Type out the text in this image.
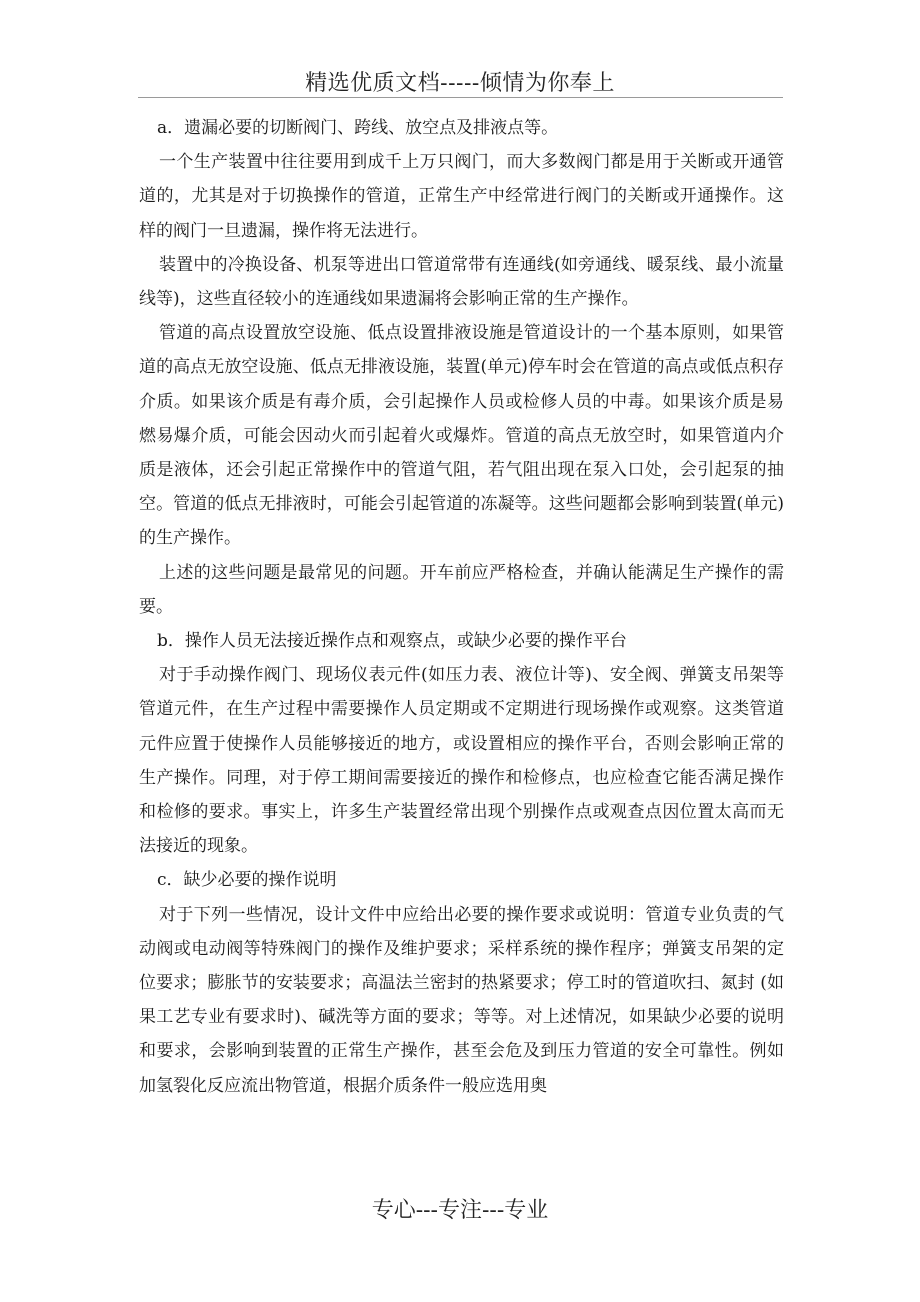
精选优质文档-----倾情为你奉上

a．遗漏必要的切断阀门、跨线、放空点及排液点等。

一个生产装置中往往要用到成千上万只阀门，而大多数阀门都是用于关断或开通管道的，尤其是对于切换操作的管道，正常生产中经常进行阀门的关断或开通操作。这样的阀门一旦遗漏，操作将无法进行。

装置中的冷换设备、机泵等进出口管道常带有连通线(如旁通线、暖泵线、最小流量线等)，这些直径较小的连通线如果遗漏将会影响正常的生产操作。

管道的高点设置放空设施、低点设置排液设施是管道设计的一个基本原则，如果管道的高点无放空设施、低点无排液设施，装置(单元)停车时会在管道的高点或低点积存介质。如果该介质是有毒介质，会引起操作人员或检修人员的中毒。如果该介质是易燃易爆介质，可能会因动火而引起着火或爆炸。管道的高点无放空时，如果管道内介质是液体，还会引起正常操作中的管道气阻，若气阻出现在泵入口处，会引起泵的抽空。管道的低点无排液时，可能会引起管道的冻凝等。这些问题都会影响到装置(单元)的生产操作。

上述的这些问题是最常见的问题。开车前应严格检查，并确认能满足生产操作的需要。

b．操作人员无法接近操作点和观察点，或缺少必要的操作平台

对于手动操作阀门、现场仪表元件(如压力表、液位计等)、安全阀、弹簧支吊架等管道元件，在生产过程中需要操作人员定期或不定期进行现场操作或观察。这类管道元件应置于使操作人员能够接近的地方，或设置相应的操作平台，否则会影响正常的生产操作。同理，对于停工期间需要接近的操作和检修点，也应检查它能否满足操作和检修的要求。事实上，许多生产装置经常出现个别操作点或观查点因位置太高而无法接近的现象。

c．缺少必要的操作说明

对于下列一些情况，设计文件中应给出必要的操作要求或说明：管道专业负责的气动阀或电动阀等特殊阀门的操作及维护要求；采样系统的操作程序；弹簧支吊架的定位要求；膨胀节的安装要求；高温法兰密封的热紧要求；停工时的管道吹扫、氮封 (如果工艺专业有要求时)、碱洗等方面的要求；等等。对上述情况，如果缺少必要的说明和要求，会影响到装置的正常生产操作，甚至会危及到压力管道的安全可靠性。例如加氢裂化反应流出物管道，根据介质条件一般应选用奥

专心---专注---专业
